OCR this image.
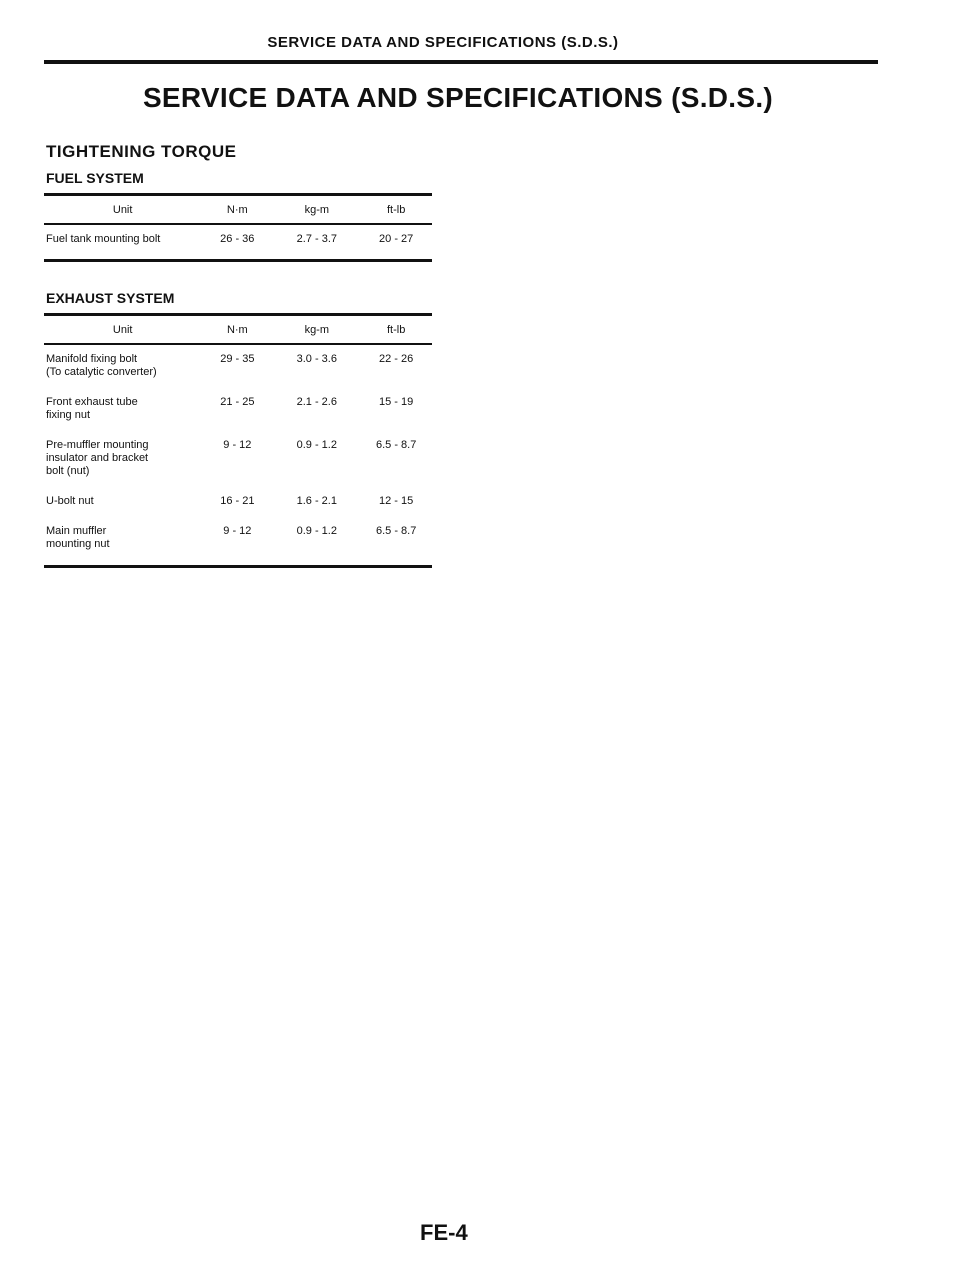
SERVICE DATA AND SPECIFICATIONS (S.D.S.)
SERVICE DATA AND SPECIFICATIONS (S.D.S.)
TIGHTENING TORQUE
FUEL SYSTEM
Unit	N·m	kg-m	ft-lb
Fuel tank mounting bolt	26 - 36	2.7 - 3.7	20 - 27
EXHAUST SYSTEM
Unit	N·m	kg-m	ft-lb
Manifold fixing bolt
(To catalytic converter)	29 - 35	3.0 - 3.6	22 - 26
Front exhaust tube
fixing nut	21 - 25	2.1 - 2.6	15 - 19
Pre-muffler mounting
insulator and bracket
bolt (nut)	9 - 12	0.9 - 1.2	6.5 - 8.7
U-bolt nut	16 - 21	1.6 - 2.1	12 - 15
Main muffler
mounting nut	9 - 12	0.9 - 1.2	6.5 - 8.7
FE-4
